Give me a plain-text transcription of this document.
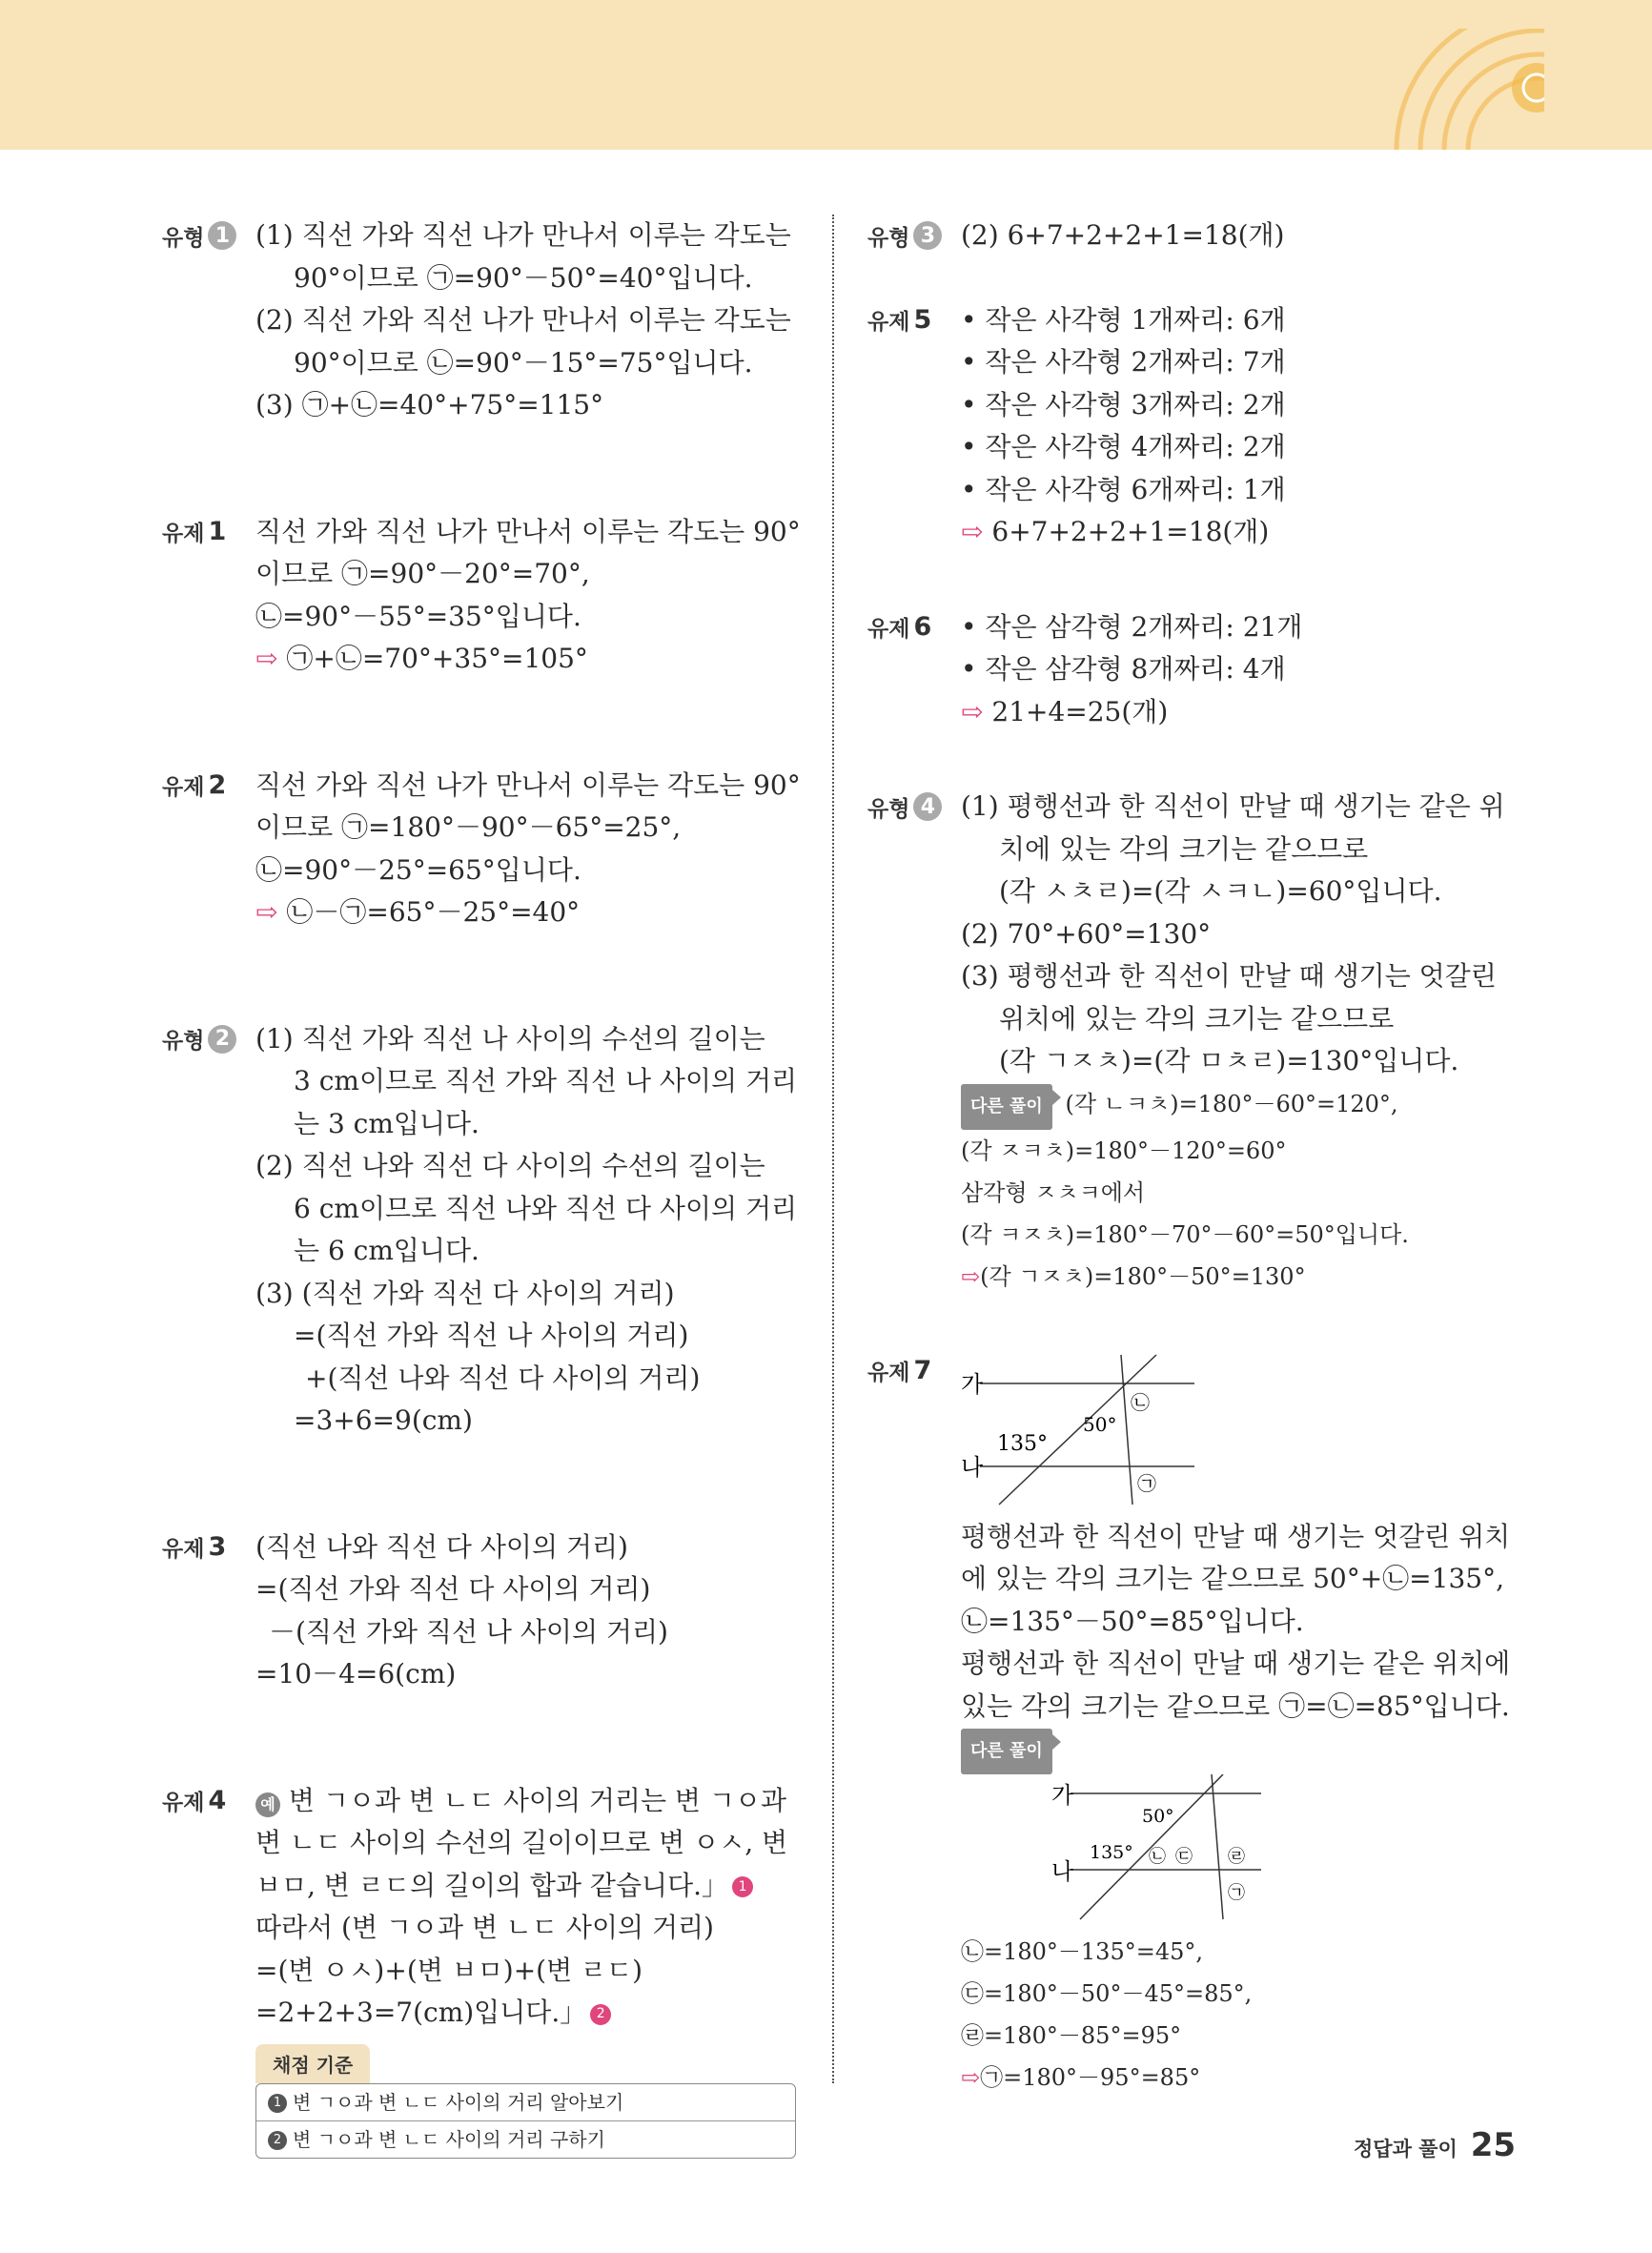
유형 1 (1) 직선 가와 직선 나가 만나서 이루는 각도는
90°이므로 ㉠=90°－50°=40°입니다.
(2) 직선 가와 직선 나가 만나서 이루는 각도는
90°이므로 ㉡=90°－15°=75°입니다.
(3) ㉠+㉡=40°+75°=115°
유제 1 직선 가와 직선 나가 만나서 이루는 각도는 90°
이므로 ㉠=90°－20°=70°,
㉡=90°－55°=35°입니다.
⇨ ㉠+㉡=70°+35°=105°
유제 2 직선 가와 직선 나가 만나서 이루는 각도는 90°
이므로 ㉠=180°－90°－65°=25°,
㉡=90°－25°=65°입니다.
⇨ ㉡－㉠=65°－25°=40°
유형 2 (1) 직선 가와 직선 나 사이의 수선의 길이는
3 cm이므로 직선 가와 직선 나 사이의 거리
는 3 cm입니다.
(2) 직선 나와 직선 다 사이의 수선의 길이는
6 cm이므로 직선 나와 직선 다 사이의 거리
는 6 cm입니다.
(3) (직선 가와 직선 다 사이의 거리)
=(직선 가와 직선 나 사이의 거리)
+(직선 나와 직선 다 사이의 거리)
=3+6=9(cm)
유제 3 (직선 나와 직선 다 사이의 거리)
=(직선 가와 직선 다 사이의 거리)
－(직선 가와 직선 나 사이의 거리)
=10－4=6(cm)
유제 4	예 변 ㄱㅇ과 변 ㄴㄷ 사이의 거리는 변 ㄱㅇ과
변 ㄴㄷ 사이의 수선의 길이이므로 변 ㅇㅅ, 변
ㅂㅁ, 변 ㄹㄷ의 길이의 합과 같습니다.」 1
따라서 (변 ㄱㅇ과 변 ㄴㄷ 사이의 거리)
=(변 ㅇㅅ)+(변 ㅂㅁ)+(변 ㄹㄷ)
=2+2+3=7(cm)입니다.」 2
채점 기준
1 변 ㄱㅇ과 변 ㄴㄷ 사이의 거리 알아보기
2 변 ㄱㅇ과 변 ㄴㄷ 사이의 거리 구하기
유형 3 (2) 6+7+2+2+1=18(개)
유제 5 • 작은 사각형 1개짜리: 6개
• 작은 사각형 2개짜리: 7개
• 작은 사각형 3개짜리: 2개
• 작은 사각형 4개짜리: 2개
• 작은 사각형 6개짜리: 1개
⇨ 6+7+2+2+1=18(개)
유제 6 • 작은 삼각형 2개짜리: 21개
• 작은 삼각형 8개짜리: 4개
⇨ 21+4=25(개)
유형 4 (1) 평행선과 한 직선이 만날 때 생기는 같은 위
치에 있는 각의 크기는 같으므로
(각 ㅅㅊㄹ)=(각 ㅅㅋㄴ)=60°입니다.
(2) 70°+60°=130°
(3) 평행선과 한 직선이 만날 때 생기는 엇갈린
위치에 있는 각의 크기는 같으므로
(각 ㄱㅈㅊ)=(각 ㅁㅊㄹ)=130°입니다.
다른 풀이 (각 ㄴㅋㅊ)=180°－60°=120°,
(각 ㅈㅋㅊ)=180°－120°=60°
삼각형 ㅈㅊㅋ에서
(각 ㅋㅈㅊ)=180°－70°－60°=50°입니다.
⇨(각 ㄱㅈㅊ)=180°－50°=130°
유제 7 가
나
135°
50°
㉡
㉠
평행선과 한 직선이 만날 때 생기는 엇갈린 위치
에 있는 각의 크기는 같으므로 50°+㉡=135°,
㉡=135°－50°=85°입니다.
평행선과 한 직선이 만날 때 생기는 같은 위치에
있는 각의 크기는 같으므로 ㉠=㉡=85°입니다.
다른 풀이
가
나
50°
135° ㉡ ㉢ ㉣
㉠
㉡=180°－135°=45°,
㉢=180°－50°－45°=85°,
㉣=180°－85°=95°
⇨㉠=180°－95°=85°
정답과 풀이 25
